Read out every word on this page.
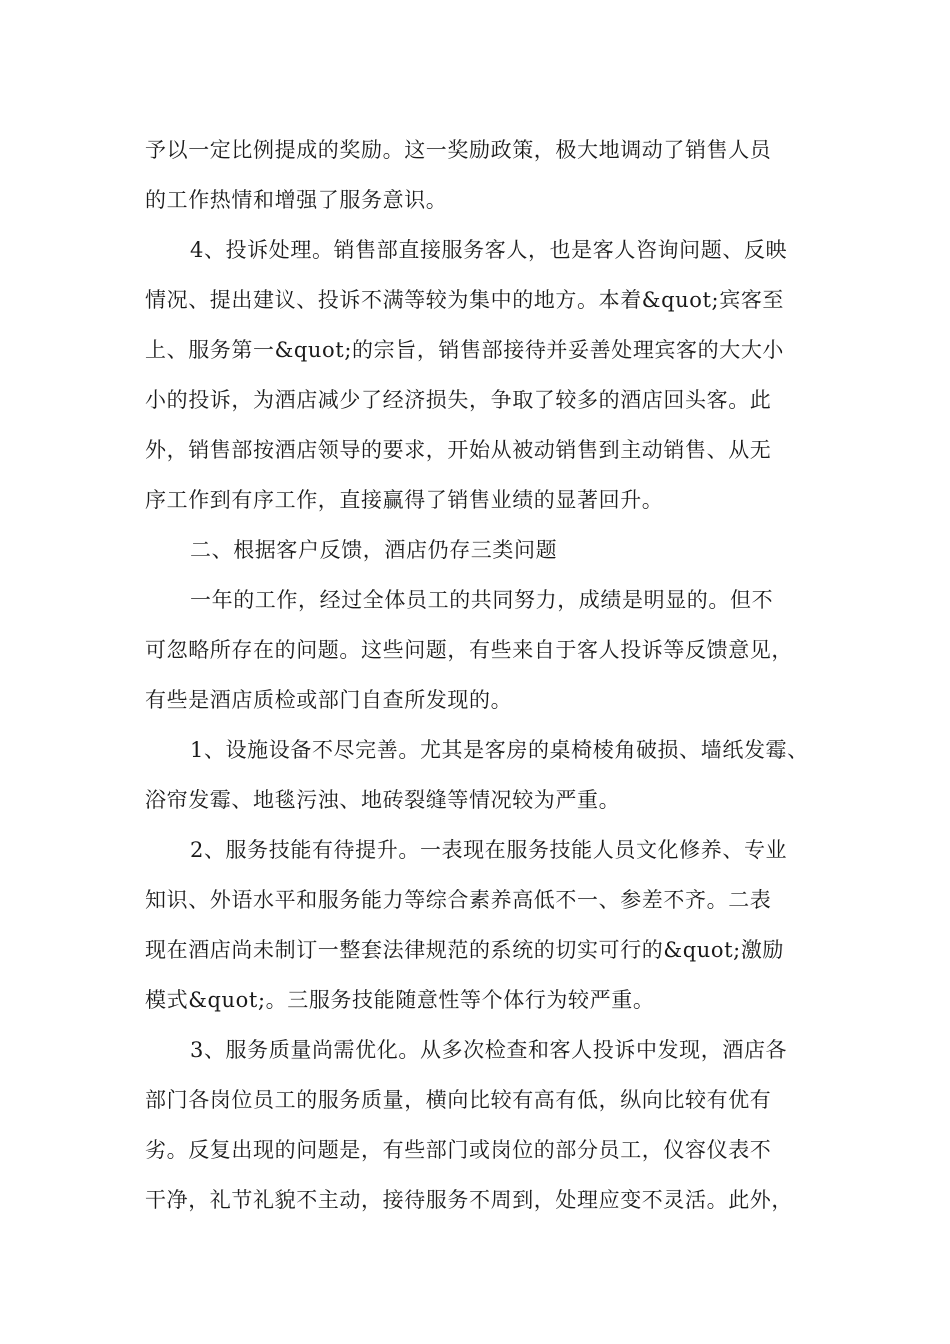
予以一定比例提成的奖励。这一奖励政策，极大地调动了销售人员

的工作热情和增强了服务意识。

4、投诉处理。销售部直接服务客人，也是客人咨询问题、反映

情况、提出建议、投诉不满等较为集中的地方。本着&quot;宾客至

上、服务第一&quot;的宗旨，销售部接待并妥善处理宾客的大大小

小的投诉，为酒店减少了经济损失，争取了较多的酒店回头客。此

外，销售部按酒店领导的要求，开始从被动销售到主动销售、从无

序工作到有序工作，直接赢得了销售业绩的显著回升。

二、根据客户反馈，酒店仍存三类问题

一年的工作，经过全体员工的共同努力，成绩是明显的。但不

可忽略所存在的问题。这些问题，有些来自于客人投诉等反馈意见，

有些是酒店质检或部门自查所发现的。

1、设施设备不尽完善。尤其是客房的桌椅棱角破损、墙纸发霉、

浴帘发霉、地毯污浊、地砖裂缝等情况较为严重。

2、服务技能有待提升。一表现在服务技能人员文化修养、专业

知识、外语水平和服务能力等综合素养高低不一、参差不齐。二表

现在酒店尚未制订一整套法律规范的系统的切实可行的&quot;激励

模式&quot;。三服务技能随意性等个体行为较严重。

3、服务质量尚需优化。从多次检查和客人投诉中发现，酒店各

部门各岗位员工的服务质量，横向比较有高有低，纵向比较有优有

劣。反复出现的问题是，有些部门或岗位的部分员工，仪容仪表不

干净，礼节礼貌不主动，接待服务不周到，处理应变不灵活。此外，
